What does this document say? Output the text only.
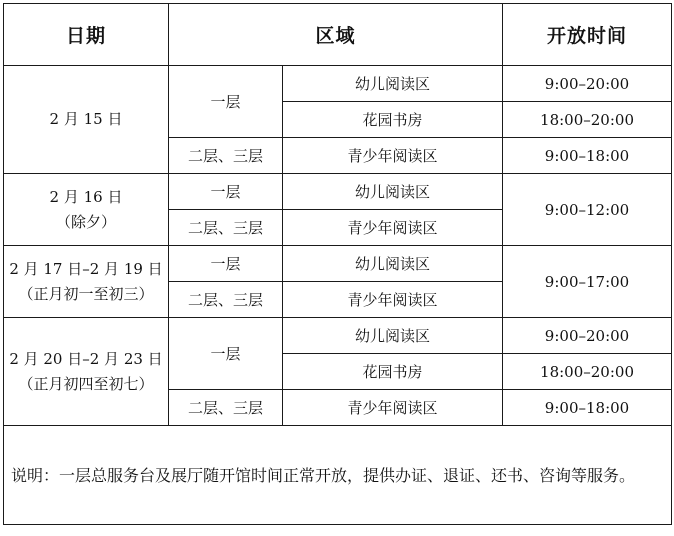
日期	区域		开放时间

2 月 15 日	一层	幼儿阅读区	9:00–20:00
		花园书房	18:00–20:00
	二层、三层	青少年阅读区	9:00–18:00

2 月 16 日
（除夕）	一层	幼儿阅读区	9:00–12:00
	二层、三层	青少年阅读区	

2 月 17 日–2 月 19 日
（正月初一至初三）	一层	幼儿阅读区	9:00–17:00
	二层、三层	青少年阅读区	

2 月 20 日–2 月 23 日
（正月初四至初七）	一层	幼儿阅读区	9:00–20:00
		花园书房	18:00–20:00
	二层、三层	青少年阅读区	9:00–18:00
说明：一层总服务台及展厅随开馆时间正常开放，提供办证、退证、还书、咨询等服务。			
